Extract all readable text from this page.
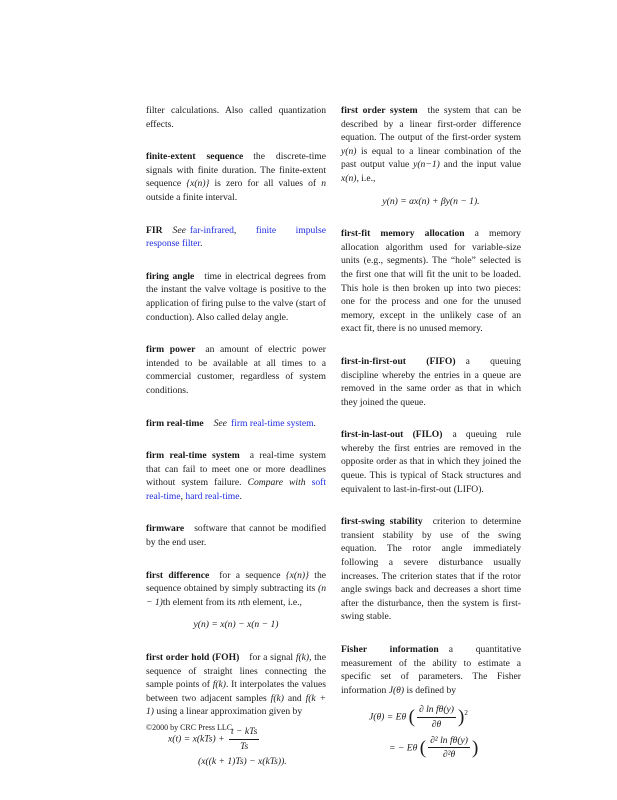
filter calculations. Also called quantization effects.
finite-extent sequence the discrete-time signals with finite duration. The finite-extent sequence {x(n)} is zero for all values of n outside a finite interval.
FIR See far-infrared, finite impulse response filter.
firing angle time in electrical degrees from the instant the valve voltage is positive to the application of firing pulse to the valve (start of conduction). Also called delay angle.
firm power an amount of electric power intended to be available at all times to a commercial customer, regardless of system conditions.
firm real-time See firm real-time system.
firm real-time system a real-time system that can fail to meet one or more deadlines without system failure. Compare with soft real-time, hard real-time.
firmware software that cannot be modified by the end user.
first difference for a sequence {x(n)} the sequence obtained by simply subtracting its (n − 1)th element from its nth element, i.e.,
y(n) = x(n) − x(n − 1)
first order hold (FOH) for a signal f(k), the sequence of straight lines connecting the sample points of f(k). It interpolates the values between two adjacent samples f(k) and f(k + 1) using a linear approximation given by
$x(t) = x(kTs) + \frac{\text{t − kTs}}{Ts}$
(x((k + 1)Ts) − x(kTs)).
first order system the system that can be described by a linear first-order difference equation. The output of the first-order system y(n) is equal to a linear combination of the past output value y(n−1) and the input value x(n), i.e.,
y(n) = αx(n) + βy(n − 1).
first-fit memory allocation a memory allocation algorithm used for variable-size units (e.g., segments). The “hole” selected is the first one that will fit the unit to be loaded. This hole is then broken up into two pieces: one for the process and one for the unused memory, except in the unlikely case of an exact fit, there is no unused memory.
first-in-first-out (FIFO) a queuing discipline whereby the entries in a queue are removed in the same order as that in which they joined the queue.
first-in-last-out (FILO) a queuing rule whereby the first entries are removed in the opposite order as that in which they joined the queue. This is typical of Stack structures and equivalent to last-in-first-out (LIFO).
first-swing stability criterion to determine transient stability by use of the swing equation. The rotor angle immediately following a severe disturbance usually increases. The criterion states that if the rotor angle swings back and decreases a short time after the disturbance, then the system is first-swing stable.
Fisher information a quantitative measurement of the ability to estimate a specific set of parameters. The Fisher information J(θ) is defined by
J(θ) = Eθ ( $\frac{\text{∂ ln fθ(y)}}{\partial\theta} )^2$
= − Eθ ( $\frac{\text{∂² ln fθ(y)}}{\text{∂²θ}}$ )
©2000 by CRC Press LLC
